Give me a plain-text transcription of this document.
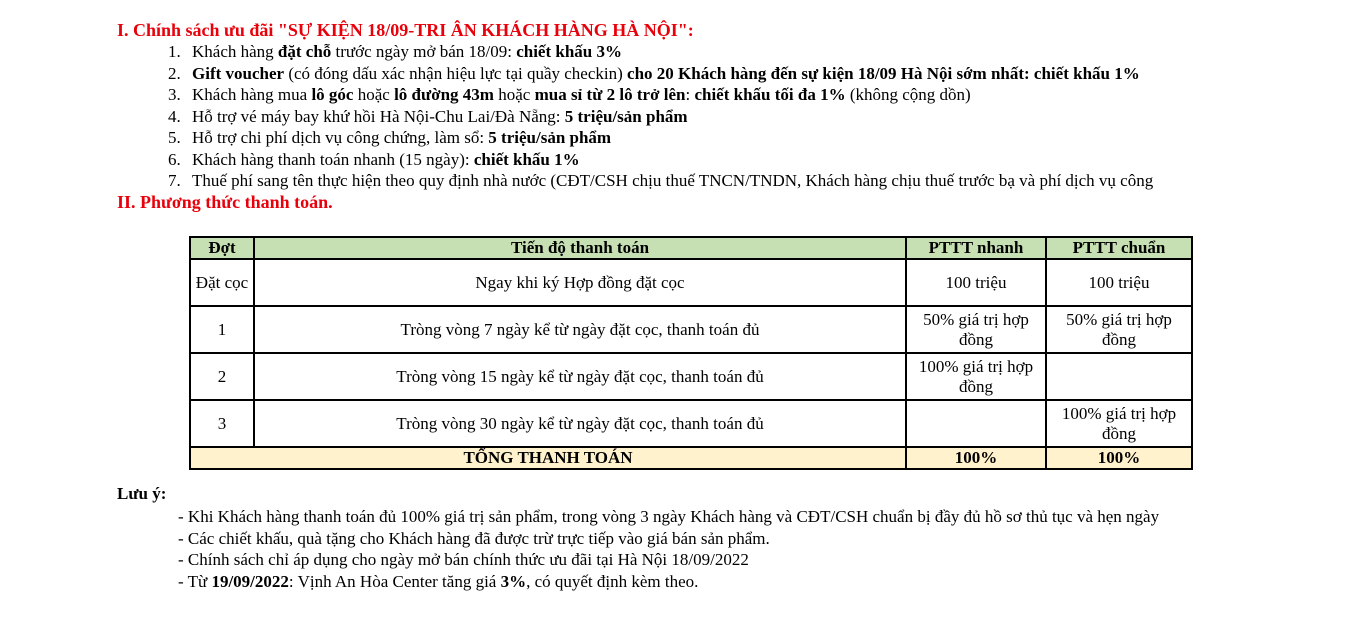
I. Chính sách ưu đãi "SỰ KIỆN 18/09-TRI ÂN KHÁCH HÀNG HÀ NỘI":
1. Khách hàng đặt chỗ trước ngày mở bán 18/09: chiết khấu 3%
2. Gift voucher (có đóng dấu xác nhận hiệu lực tại quầy checkin) cho 20 Khách hàng đến sự kiện 18/09 Hà Nội sớm nhất: chiết khấu 1%
3. Khách hàng mua lô góc hoặc lô đường 43m hoặc mua sỉ từ 2 lô trở lên: chiết khấu tối đa 1% (không cộng dồn)
4. Hỗ trợ vé máy bay khứ hồi Hà Nội-Chu Lai/Đà Nẵng: 5 triệu/sản phẩm
5. Hỗ trợ chi phí dịch vụ công chứng, làm sổ: 5 triệu/sản phẩm
6. Khách hàng thanh toán nhanh (15 ngày): chiết khấu 1%
7. Thuế phí sang tên thực hiện theo quy định nhà nước (CĐT/CSH chịu thuế TNCN/TNDN, Khách hàng chịu thuế trước bạ và phí dịch vụ công
II. Phương thức thanh toán.
Đợt	Tiến độ thanh toán	PTTT nhanh	PTTT chuẩn
Đặt cọc	Ngay khi ký Hợp đồng đặt cọc	100 triệu	100 triệu
1	Tròng vòng 7 ngày kể từ ngày đặt cọc, thanh toán đủ	50% giá trị hợp đồng	50% giá trị hợp đồng
2	Tròng vòng 15 ngày kể từ ngày đặt cọc, thanh toán đủ	100% giá trị hợp đồng	
3	Tròng vòng 30 ngày kể từ ngày đặt cọc, thanh toán đủ		100% giá trị hợp đồng
TỔNG THANH TOÁN		100%	100%
Lưu ý:
- Khi Khách hàng thanh toán đủ 100% giá trị sản phẩm, trong vòng 3 ngày Khách hàng và CĐT/CSH chuẩn bị đầy đủ hồ sơ thủ tục và hẹn ngày
- Các chiết khấu, quà tặng cho Khách hàng đã được trừ trực tiếp vào giá bán sản phẩm.
- Chính sách chỉ áp dụng cho ngày mở bán chính thức ưu đãi tại Hà Nội 18/09/2022
- Từ 19/09/2022: Vịnh An Hòa Center tăng giá 3%, có quyết định kèm theo.
